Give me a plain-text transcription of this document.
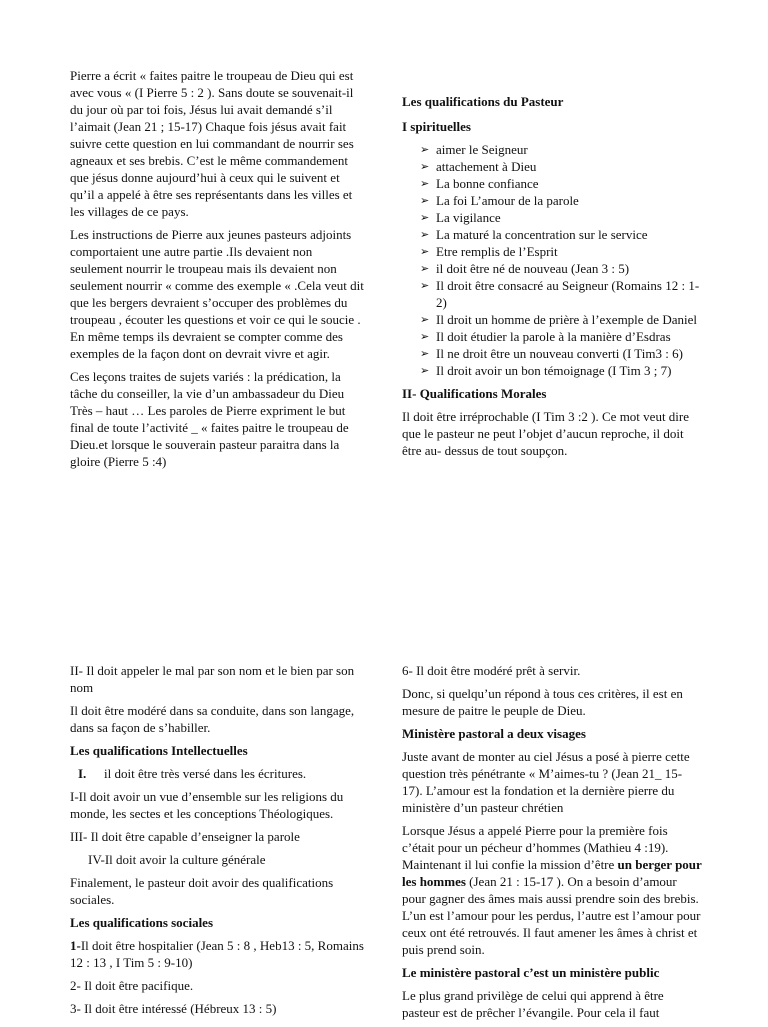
Pierre a écrit « faites paitre le troupeau de Dieu qui est avec vous « (I Pierre 5 : 2 ). Sans doute se souvenait-il du jour où par toi fois, Jésus lui avait demandé s’il l’aimait (Jean 21 ; 15-17) Chaque fois jésus avait fait suivre cette question en lui commandant de nourrir ses agneaux et ses brebis. C’est le même commandement que jésus donne aujourd’hui à ceux qui le suivent et qu’il a appelé à être ses représentants dans les villes et les villages de ce pays.

Les instructions de Pierre aux jeunes pasteurs adjoints comportaient une autre partie .Ils devaient non seulement nourrir le troupeau mais ils devaient non seulement nourrir « comme des exemple « .Cela veut dit que les bergers devraient s’occuper des problèmes du troupeau , écouter les questions et voir ce qui le soucie . En même temps ils devraient se compter comme des exemples de la façon dont on devrait vivre et agir.

Ces leçons traites de sujets variés : la prédication, la tâche du conseiller, la vie d’un ambassadeur du Dieu Très – haut … Les paroles de Pierre expriment le but final de toute l’activité _ « faites paitre le troupeau de Dieu.et lorsque le souverain pasteur paraitra dans la gloire (Pierre 5 :4)

Les qualifications du Pasteur

I spirituelles

➢ aimer le Seigneur
➢ attachement à Dieu
➢ La bonne confiance
➢ La foi L’amour de la parole
➢ La vigilance
➢ La maturé la concentration sur le service
➢ Etre remplis de l’Esprit
➢ il doit être né de nouveau (Jean 3 : 5)
➢ Il droit être consacré au Seigneur (Romains 12 : 1-2)
➢ Il droit un homme de prière à l’exemple de Daniel
➢ Il doit étudier la parole à la manière d’Esdras
➢ Il ne droit être un nouveau converti (I Tim3 : 6)
➢ Il droit avoir un bon témoignage (I Tim 3 ; 7)

II- Qualifications Morales

Il doit être irréprochable (I Tim 3 :2 ). Ce mot veut dire que le pasteur ne peut l’objet d’aucun reproche, il doit être au- dessus de tout soupçon.

II- Il doit appeler le mal par son nom et le bien par son nom

Il doit être modéré dans sa conduite, dans son langage, dans sa façon de s’habiller.

Les qualifications Intellectuelles

I. il doit être très versé dans les écritures.

I-Il doit avoir un vue d’ensemble sur les religions du monde, les sectes et les conceptions Théologiques.

III- Il doit être capable d’enseigner la parole

IV-Il doit avoir la culture générale

Finalement, le pasteur doit avoir des qualifications sociales.

Les qualifications sociales

1-Il doit être hospitalier (Jean 5 : 8 , Heb13 : 5, Romains 12 : 13 , I Tim 5 : 9-10)

2- Il doit être pacifique.

3- Il doit être intéressé (Hébreux 13 : 5)

6- Il doit être modéré prêt à servir.

Donc, si quelqu’un répond à tous ces critères, il est en mesure de paitre le peuple de Dieu.

Ministère pastoral a deux visages

Juste avant de monter au ciel Jésus a posé à pierre cette question très pénétrante « M’aimes-tu ? (Jean 21_ 15-17). L’amour est la fondation et la dernière pierre du ministère d’un pasteur chrétien

Lorsque Jésus a appelé Pierre pour la première fois c’était pour un pécheur d’hommes (Mathieu 4 :19). Maintenant il lui confie la mission d’être un berger pour les hommes (Jean 21 : 15-17 ). On a besoin d’amour pour gagner des âmes mais aussi prendre soin des brebis. L’un est l’amour pour les perdus, l’autre est l’amour pour ceux ont été retrouvés. Il faut amener les âmes à christ et puis prend soin.

Le ministère pastoral c’est un ministère public

Le plus grand privilège de celui qui apprend à être pasteur est de prêcher l’évangile. Pour cela il faut
